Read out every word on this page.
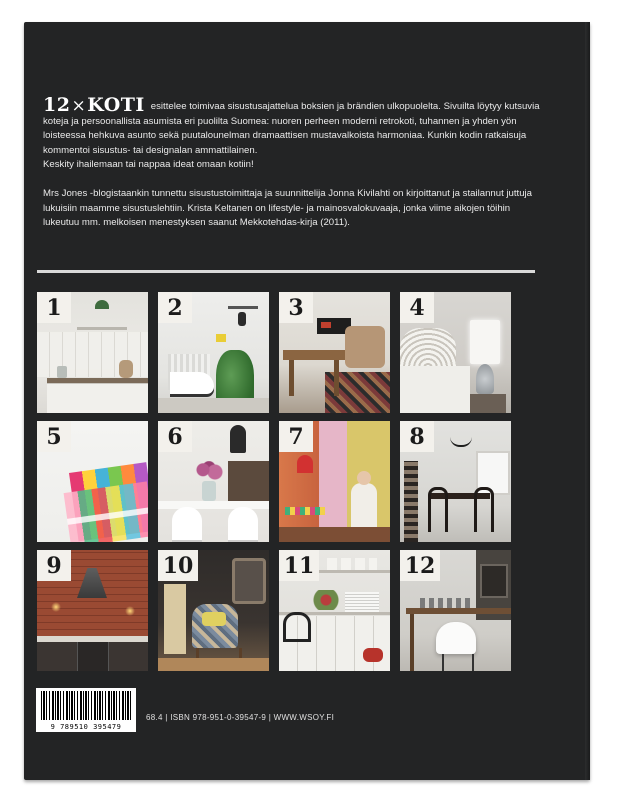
12×KOTI esittelee toimivaa sisustusajattelua boksien ja brändien ulkopuolelta. Sivuilta löytyy kutsuvia koteja ja persoonallista asumista eri puolilta Suomea: nuoren perheen moderni retrokoti, tuhannen ja yhden yön loisteessa hehkuva asunto sekä puutalounelman dramaattisen mustavalkoista harmoniaa. Kunkin kodin ratkaisuja kommentoi sisustus- tai designalan ammattilainen.

Keskity ihailemaan tai nappaa ideat omaan kotiin!

Mrs Jones -blogistaankin tunnettu sisustustoimittaja ja suunnittelija Jonna Kivilahti on kirjoittanut ja stailannut juttuja lukuisiin maamme sisustuslehtiin. Krista Keltanen on lifestyle- ja mainosvalokuvaaja, jonka viime aikojen töihin lukeutuu mm. melkoisen menestyksen saanut Mekkotehdas-kirja (2011).

1	2	3	4
5	6	7	8
9	10	11	12
9 789510 395479
68.4 | ISBN 978-951-0-39547-9 | WWW.WSOY.FI
